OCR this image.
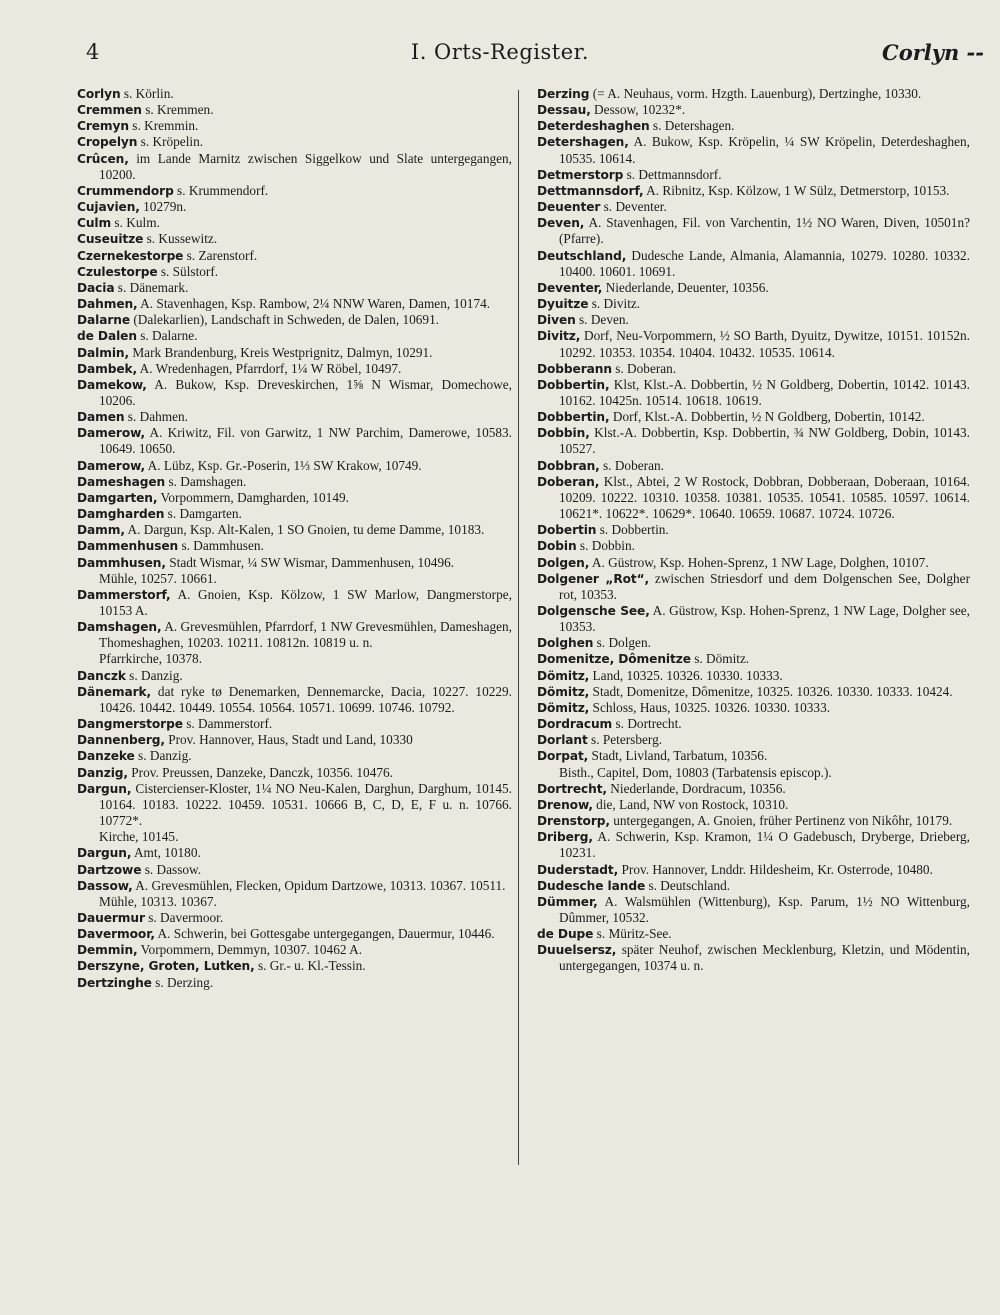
4	I. Orts-Register.	Corlyn --
Corlyn s. Körlin.
Cremmen s. Kremmen.
Cremyn s. Kremmin.
Cropelyn s. Kröpelin.
Crûcen, im Lande Marnitz zwischen Siggelkow und Slate untergegangen, 10200.
Crummendorp s. Krummendorf.
Cujavien, 10279n.
Culm s. Kulm.
Cuseuitze s. Kussewitz.
Czernekestorpe s. Zarenstorf.
Czulestorpe s. Sülstorf.
Dacia s. Dänemark.
Dahmen, A. Stavenhagen, Ksp. Rambow, 2¼ NNW Waren, Damen, 10174.
Dalarne (Dalekarlien), Landschaft in Schweden, de Dalen, 10691.
de Dalen s. Dalarne.
Dalmin, Mark Brandenburg, Kreis Westprignitz, Dalmyn, 10291.
Dambek, A. Wredenhagen, Pfarrdorf, 1¼ W Röbel, 10497.
Damekow, A. Bukow, Ksp. Dreveskirchen, 1⅝ N Wismar, Domechowe, 10206.
Damen s. Dahmen.
Damerow, A. Kriwitz, Fil. von Garwitz, 1 NW Parchim, Damerowe, 10583. 10649. 10650.
Damerow, A. Lübz, Ksp. Gr.-Poserin, 1⅓ SW Krakow, 10749.
Dameshagen s. Damshagen.
Damgarten, Vorpommern, Damgharden, 10149.
Damgharden s. Damgarten.
Damm, A. Dargun, Ksp. Alt-Kalen, 1 SO Gnoien, tu deme Damme, 10183.
Dammenhusen s. Dammhusen.
Dammhusen, Stadt Wismar, ¼ SW Wismar, Dammenhusen, 10496.
Mühle, 10257. 10661.
Dammerstorf, A. Gnoien, Ksp. Kölzow, 1 SW Marlow, Dangmerstorpe, 10153 A.
Damshagen, A. Grevesmühlen, Pfarrdorf, 1 NW Grevesmühlen, Dameshagen, Thomeshaghen, 10203. 10211. 10812n. 10819 u. n.
Pfarrkirche, 10378.
Danczk s. Danzig.
Dänemark, dat ryke tø Denemarken, Dennemarcke, Dacia, 10227. 10229. 10426. 10442. 10449. 10554. 10564. 10571. 10699. 10746. 10792.
Dangmerstorpe s. Dammerstorf.
Dannenberg, Prov. Hannover, Haus, Stadt und Land, 10330
Danzeke s. Danzig.
Danzig, Prov. Preussen, Danzeke, Danczk, 10356. 10476.
Dargun, Cistercienser-Kloster, 1¼ NO Neu-Kalen, Darghun, Darghum, 10145. 10164. 10183. 10222. 10459. 10531. 10666 B, C, D, E, F u. n. 10766. 10772*.
Kirche, 10145.
Dargun, Amt, 10180.
Dartzowe s. Dassow.
Dassow, A. Grevesmühlen, Flecken, Opidum Dartzowe, 10313. 10367. 10511.
Mühle, 10313. 10367.
Dauermur s. Davermoor.
Davermoor, A. Schwerin, bei Gottesgabe untergegangen, Dauermur, 10446.
Demmin, Vorpommern, Demmyn, 10307. 10462 A.
Derszyne, Groten, Lutken, s. Gr.- u. Kl.-Tessin.
Dertzinghe s. Derzing.
Derzing (= A. Neuhaus, vorm. Hzgth. Lauenburg), Dertzinghe, 10330.
Dessau, Dessow, 10232*.
Deterdeshaghen s. Detershagen.
Detershagen, A. Bukow, Ksp. Kröpelin, ¼ SW Kröpelin, Deterdeshaghen, 10535. 10614.
Detmerstorp s. Dettmannsdorf.
Dettmannsdorf, A. Ribnitz, Ksp. Kölzow, 1 W Sülz, Detmerstorp, 10153.
Deuenter s. Deventer.
Deven, A. Stavenhagen, Fil. von Varchentin, 1½ NO Waren, Diven, 10501n? (Pfarre).
Deutschland, Dudesche Lande, Almania, Alamannia, 10279. 10280. 10332. 10400. 10601. 10691.
Deventer, Niederlande, Deuenter, 10356.
Dyuitze s. Divitz.
Diven s. Deven.
Divitz, Dorf, Neu-Vorpommern, ½ SO Barth, Dyuitz, Dywitze, 10151. 10152n. 10292. 10353. 10354. 10404. 10432. 10535. 10614.
Dobberann s. Doberan.
Dobbertin, Klst, Klst.-A. Dobbertin, ½ N Goldberg, Dobertin, 10142. 10143. 10162. 10425n. 10514. 10618. 10619.
Dobbertin, Dorf, Klst.-A. Dobbertin, ½ N Goldberg, Dobertin, 10142.
Dobbin, Klst.-A. Dobbertin, Ksp. Dobbertin, ¾ NW Goldberg, Dobin, 10143. 10527.
Dobbran, s. Doberan.
Doberan, Klst., Abtei, 2 W Rostock, Dobbran, Dobberaan, Doberaan, 10164. 10209. 10222. 10310. 10358. 10381. 10535. 10541. 10585. 10597. 10614. 10621*. 10622*. 10629*. 10640. 10659. 10687. 10724. 10726.
Dobertin s. Dobbertin.
Dobin s. Dobbin.
Dolgen, A. Güstrow, Ksp. Hohen-Sprenz, 1 NW Lage, Dolghen, 10107.
Dolgener „Rot“, zwischen Striesdorf und dem Dolgenschen See, Dolgher rot, 10353.
Dolgensche See, A. Güstrow, Ksp. Hohen-Sprenz, 1 NW Lage, Dolgher see, 10353.
Dolghen s. Dolgen.
Domenitze, Dômenitze s. Dömitz.
Dömitz, Land, 10325. 10326. 10330. 10333.
Dömitz, Stadt, Domenitze, Dômenitze, 10325. 10326. 10330. 10333. 10424.
Dömitz, Schloss, Haus, 10325. 10326. 10330. 10333.
Dordracum s. Dortrecht.
Dorlant s. Petersberg.
Dorpat, Stadt, Livland, Tarbatum, 10356.
Bisth., Capitel, Dom, 10803 (Tarbatensis episcop.).
Dortrecht, Niederlande, Dordracum, 10356.
Drenow, die, Land, NW von Rostock, 10310.
Drenstorp, untergegangen, A. Gnoien, früher Pertinenz von Nikôhr, 10179.
Driberg, A. Schwerin, Ksp. Kramon, 1¼ O Gadebusch, Dryberge, Drieberg, 10231.
Duderstadt, Prov. Hannover, Lnddr. Hildesheim, Kr. Osterrode, 10480.
Dudesche lande s. Deutschland.
Dümmer, A. Walsmühlen (Wittenburg), Ksp. Parum, 1½ NO Wittenburg, Dûmmer, 10532.
de Dupe s. Müritz-See.
Duuelsersz, später Neuhof, zwischen Mecklenburg, Kletzin, und Mödentin, untergegangen, 10374 u. n.
